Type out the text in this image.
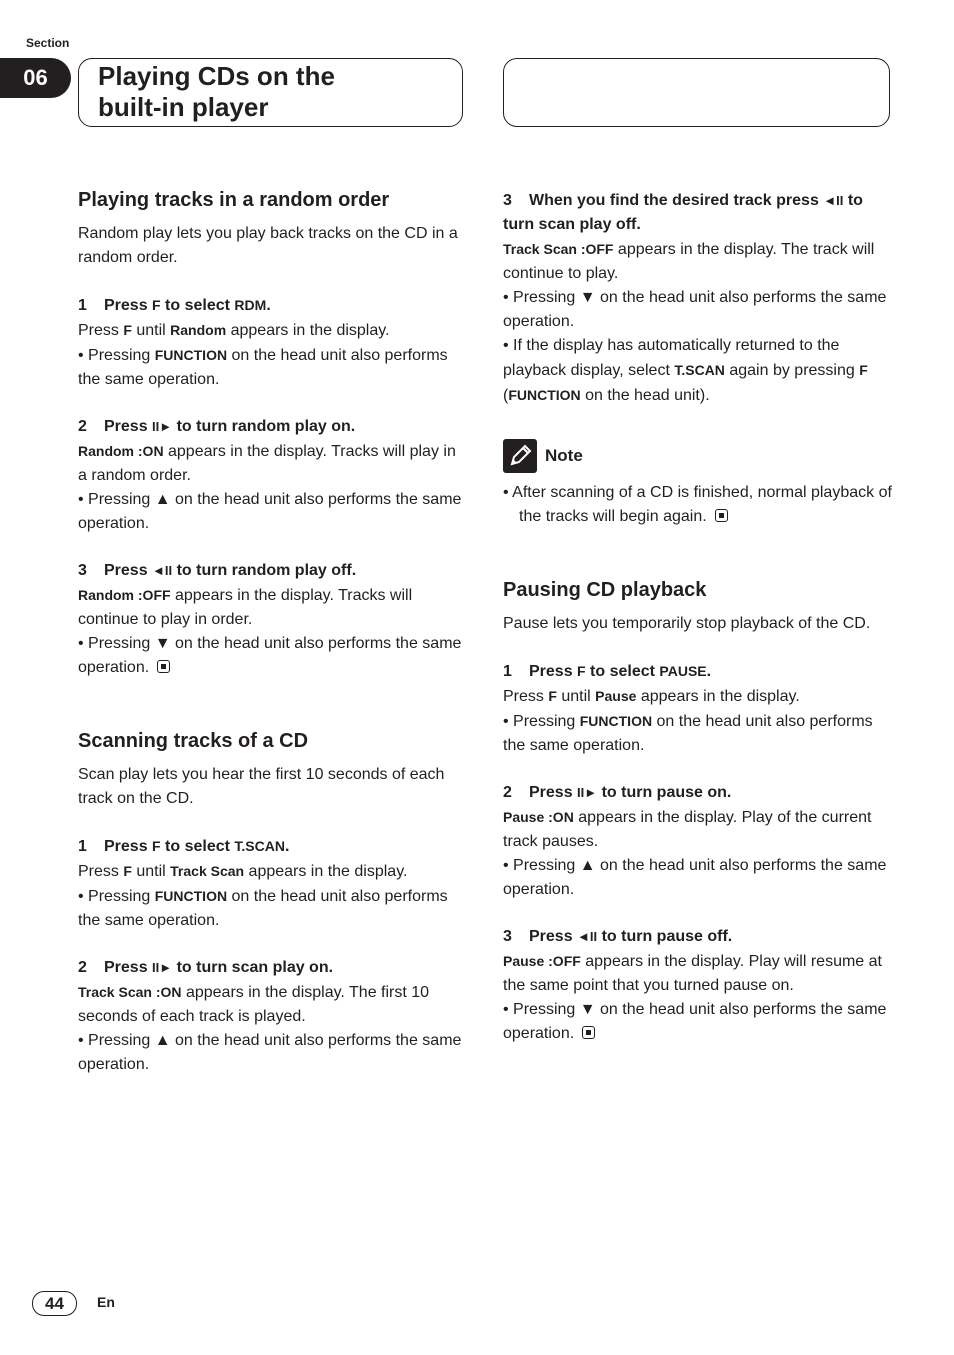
Section
06	Playing CDs on the
built-in player
Playing tracks in a random order

Random play lets you play back tracks on the CD in a random order.

1 Press F to select RDM.

Press F until Random appears in the display.

• Pressing FUNCTION on the head unit also performs the same operation.

2 Press II► to turn random play on.

Random :ON appears in the display. Tracks will play in a random order.

• Pressing ▲ on the head unit also performs the same operation.

3 Press ◄II to turn random play off.

Random :OFF appears in the display. Tracks will continue to play in order.

• Pressing ▼ on the head unit also performs the same operation.

Scanning tracks of a CD

Scan play lets you hear the first 10 seconds of each track on the CD.

1 Press F to select T.SCAN.

Press F until Track Scan appears in the display.

• Pressing FUNCTION on the head unit also performs the same operation.

2 Press II► to turn scan play on.

Track Scan :ON appears in the display. The first 10 seconds of each track is played.

• Pressing ▲ on the head unit also performs the same operation.

3 When you find the desired track press ◄II to turn scan play off.

Track Scan :OFF appears in the display. The track will continue to play.

• Pressing ▼ on the head unit also performs the same operation.

• If the display has automatically returned to the playback display, select T.SCAN again by pressing F (FUNCTION on the head unit).

Note

• After scanning of a CD is finished, normal playback of the tracks will begin again.

Pausing CD playback

Pause lets you temporarily stop playback of the CD.

1 Press F to select PAUSE.

Press F until Pause appears in the display.

• Pressing FUNCTION on the head unit also performs the same operation.

2 Press II► to turn pause on.

Pause :ON appears in the display. Play of the current track pauses.

• Pressing ▲ on the head unit also performs the same operation.

3 Press ◄II to turn pause off.

Pause :OFF appears in the display. Play will resume at the same point that you turned pause on.

• Pressing ▼ on the head unit also performs the same operation.

44	En
